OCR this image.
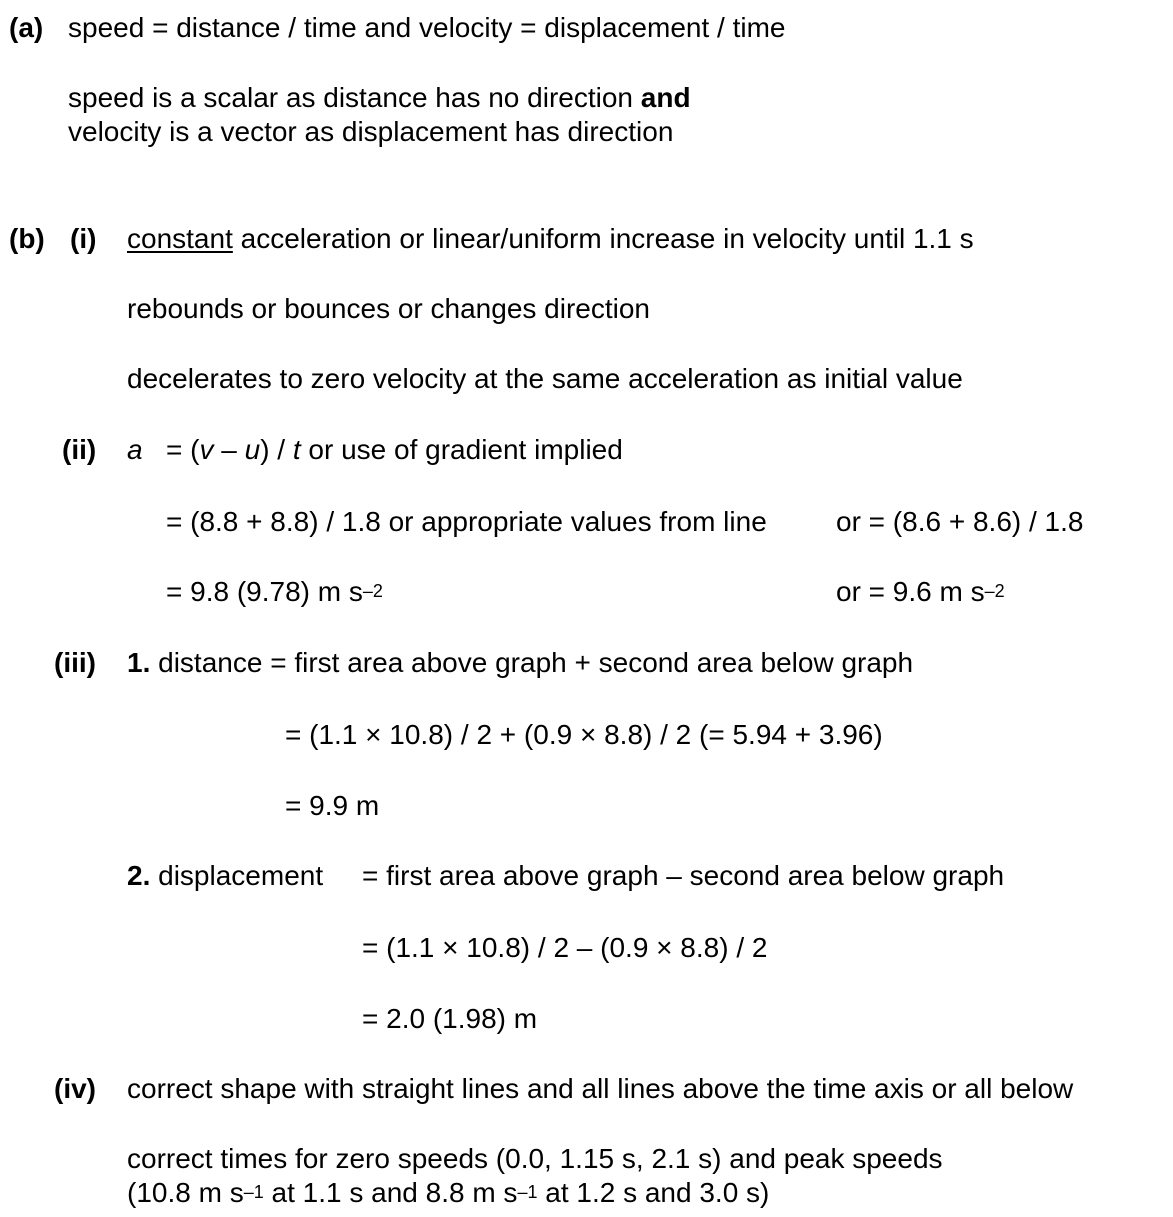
(a) speed = distance / time and velocity = displacement / time
speed is a scalar as distance has no direction and
velocity is a vector as displacement has direction
(b) (i) constant acceleration or linear/uniform increase in velocity until 1.1 s
rebounds or bounces or changes direction
decelerates to zero velocity at the same acceleration as initial value
(ii) a = (v – u) / t or use of gradient implied
= (8.8 + 8.8) / 1.8 or appropriate values from line or = (8.6 + 8.6) / 1.8
= 9.8 (9.78) m $s^{-2}$	or = 9.6 m $s^{-2}$
(iii) 1. distance = first area above graph + second area below graph
= (1.1 × 10.8) / 2 + (0.9 × 8.8) / 2 (= 5.94 + 3.96)
= 9.9 m
2. displacement = first area above graph – second area below graph
= (1.1 × 10.8) / 2 – (0.9 × 8.8) / 2
= 2.0 (1.98) m
(iv) correct shape with straight lines and all lines above the time axis or all below
correct times for zero speeds (0.0, 1.15 s, 2.1 s) and peak speeds
(10.8 m $s^{-1}$ at 1.1 s and 8.8 m $s^{-1}$ at 1.2 s and 3.0 s)
